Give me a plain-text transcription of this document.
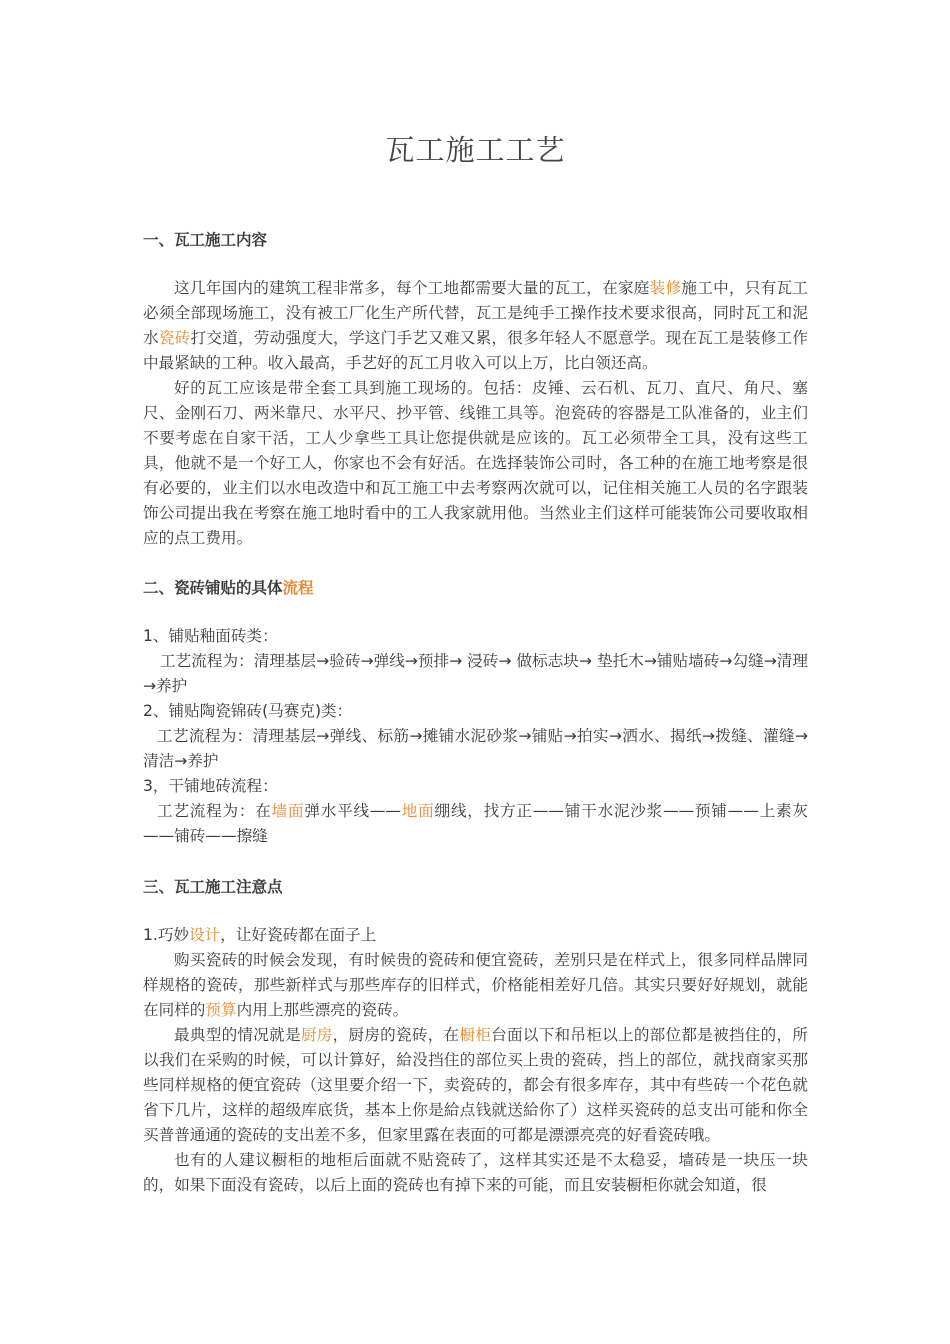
瓦工施工工艺
一、瓦工施工内容

这几年国内的建筑工程非常多，每个工地都需要大量的瓦工，在家庭装修施工中，只有瓦工必须全部现场施工，没有被工厂化生产所代替，瓦工是纯手工操作技术要求很高，同时瓦工和泥水瓷砖打交道，劳动强度大，学这门手艺又难又累，很多年轻人不愿意学。现在瓦工是装修工作中最紧缺的工种。收入最高，手艺好的瓦工月收入可以上万，比白领还高。

好的瓦工应该是带全套工具到施工现场的。包括：皮锤、云石机、瓦刀、直尺、角尺、塞尺、金刚石刀、两米靠尺、水平尺、抄平管、线锥工具等。泡瓷砖的容器是工队准备的，业主们不要考虑在自家干活，工人少拿些工具让您提供就是应该的。瓦工必须带全工具，没有这些工具，他就不是一个好工人，你家也不会有好活。在选择装饰公司时，各工种的在施工地考察是很有必要的，业主们以水电改造中和瓦工施工中去考察两次就可以，记住相关施工人员的名字跟装饰公司提出我在考察在施工地时看中的工人我家就用他。当然业主们这样可能装饰公司要收取相应的点工费用。

二、瓷砖铺贴的具体流程

1、铺贴釉面砖类：

工艺流程为：清理基层→验砖→弹线→预排→ 浸砖→ 做标志块→ 垫托木→铺贴墙砖→勾缝→清理→养护

2、铺贴陶瓷锦砖(马赛克)类：

工艺流程为：清理基层→弹线、标筋→摊铺水泥砂浆→铺贴→拍实→洒水、揭纸→拨缝、灌缝→清洁→养护

3，干铺地砖流程：

工艺流程为：在墙面弹水平线——地面绷线，找方正——铺干水泥沙浆——预铺——上素灰——铺砖——擦缝

三、瓦工施工注意点

1.巧妙设计，让好瓷砖都在面子上

购买瓷砖的时候会发现，有时候贵的瓷砖和便宜瓷砖，差别只是在样式上，很多同样品牌同样规格的瓷砖，那些新样式与那些库存的旧样式，价格能相差好几倍。其实只要好好规划，就能在同样的预算内用上那些漂亮的瓷砖。

最典型的情况就是厨房，厨房的瓷砖，在橱柜台面以下和吊柜以上的部位都是被挡住的，所以我们在采购的时候，可以计算好，給没挡住的部位买上贵的瓷砖，挡上的部位，就找商家买那些同样规格的便宜瓷砖（这里要介绍一下，卖瓷砖的，都会有很多库存，其中有些砖一个花色就省下几片，这样的超级库底货，基本上你是給点钱就送給你了）这样买瓷砖的总支出可能和你全买普普通通的瓷砖的支出差不多，但家里露在表面的可都是漂漂亮亮的好看瓷砖哦。

也有的人建议橱柜的地柜后面就不贴瓷砖了，这样其实还是不太稳妥，墙砖是一块压一块的，如果下面没有瓷砖，以后上面的瓷砖也有掉下来的可能，而且安装橱柜你就会知道，很
